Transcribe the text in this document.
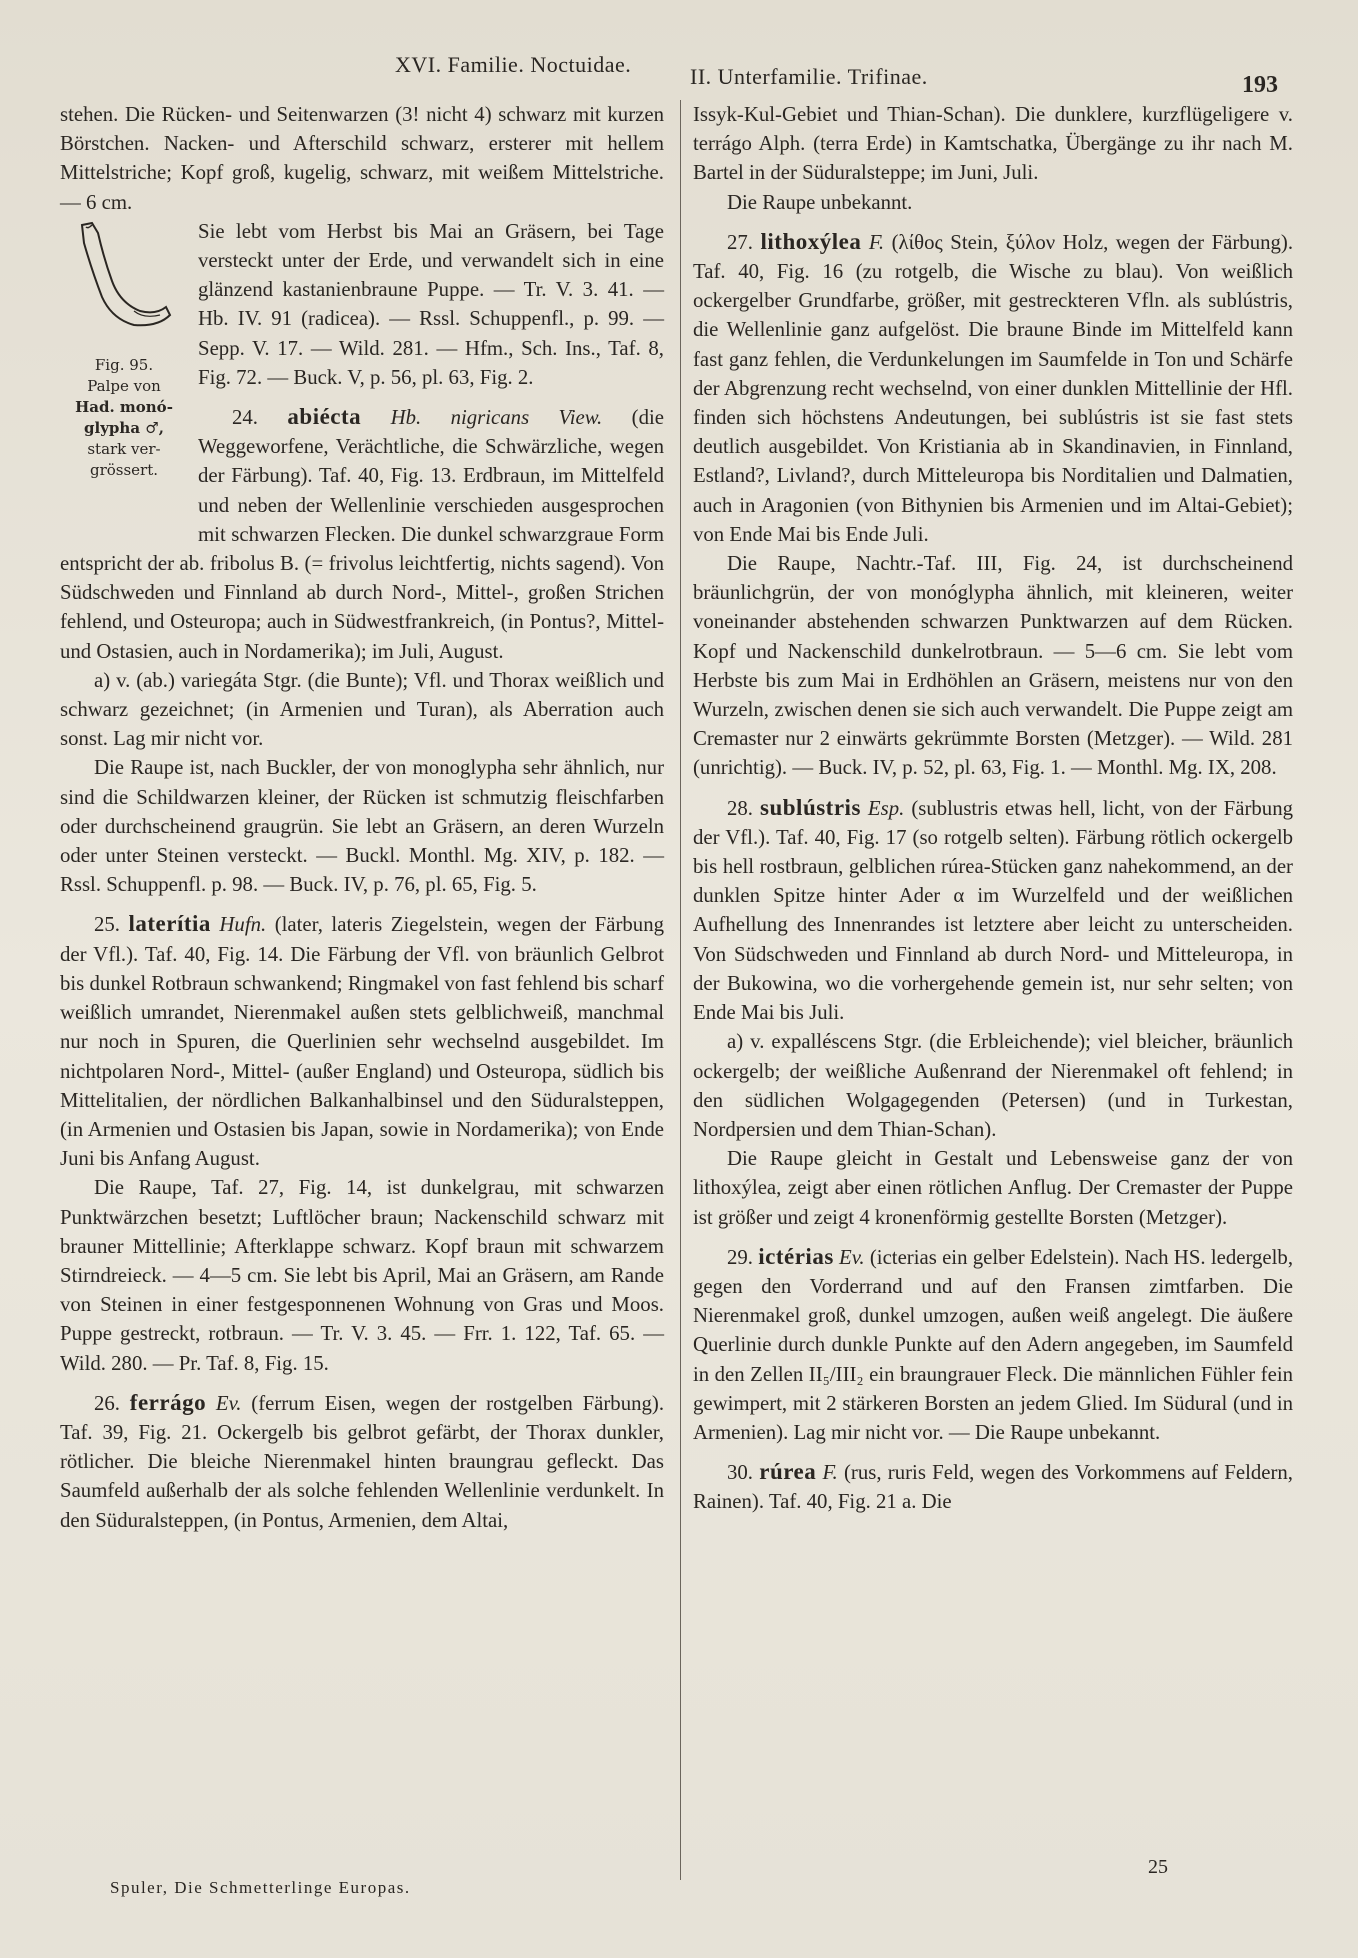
XVI. Familie. Noctuidae.	II. Unterfamilie. Trifinae.	193

stehen. Die Rücken- und Seitenwarzen (3! nicht 4) schwarz mit kurzen Börstchen. Nacken- und Afterschild schwarz, ersterer mit hellem Mittelstriche; Kopf groß, kugelig, schwarz, mit weißem Mittelstriche. — 6 cm.

Fig. 95.
Palpe von
Had. monó-
glypha ♂,
stark ver-
grössert.

Sie lebt vom Herbst bis Mai an Gräsern, bei Tage versteckt unter der Erde, und verwandelt sich in eine glänzend kastanienbraune Puppe. — Tr. V. 3. 41. — Hb. IV. 91 (radicea). — Rssl. Schuppenfl., p. 99. — Sepp. V. 17. — Wild. 281. — Hfm., Sch. Ins., Taf. 8, Fig. 72. — Buck. V, p. 56, pl. 63, Fig. 2.

24. abiécta Hb. nigricans View. (die Weggeworfene, Verächtliche, die Schwärzliche, wegen der Färbung). Taf. 40, Fig. 13. Erdbraun, im Mittelfeld und neben der Wellenlinie verschieden ausgesprochen mit schwarzen Flecken. Die dunkel schwarzgraue Form entspricht der ab. fribolus B. (= frivolus leichtfertig, nichts sagend). Von Südschweden und Finnland ab durch Nord-, Mittel-, großen Strichen fehlend, und Osteuropa; auch in Südwestfrankreich, (in Pontus?, Mittel- und Ostasien, auch in Nordamerika); im Juli, August.

a) v. (ab.) variegáta Stgr. (die Bunte); Vfl. und Thorax weißlich und schwarz gezeichnet; (in Armenien und Turan), als Aberration auch sonst. Lag mir nicht vor.

Die Raupe ist, nach Buckler, der von monoglypha sehr ähnlich, nur sind die Schildwarzen kleiner, der Rücken ist schmutzig fleischfarben oder durchscheinend graugrün. Sie lebt an Gräsern, an deren Wurzeln oder unter Steinen versteckt. — Buckl. Monthl. Mg. XIV, p. 182. — Rssl. Schuppenfl. p. 98. — Buck. IV, p. 76, pl. 65, Fig. 5.

25. laterítia Hufn. (later, lateris Ziegelstein, wegen der Färbung der Vfl.). Taf. 40, Fig. 14. Die Färbung der Vfl. von bräunlich Gelbrot bis dunkel Rotbraun schwankend; Ringmakel von fast fehlend bis scharf weißlich umrandet, Nierenmakel außen stets gelblichweiß, manchmal nur noch in Spuren, die Querlinien sehr wechselnd ausgebildet. Im nichtpolaren Nord-, Mittel- (außer England) und Osteuropa, südlich bis Mittelitalien, der nördlichen Balkanhalbinsel und den Süduralsteppen, (in Armenien und Ostasien bis Japan, sowie in Nordamerika); von Ende Juni bis Anfang August.

Die Raupe, Taf. 27, Fig. 14, ist dunkelgrau, mit schwarzen Punktwärzchen besetzt; Luftlöcher braun; Nackenschild schwarz mit brauner Mittellinie; Afterklappe schwarz. Kopf braun mit schwarzem Stirndreieck. — 4—5 cm. Sie lebt bis April, Mai an Gräsern, am Rande von Steinen in einer festgesponnenen Wohnung von Gras und Moos. Puppe gestreckt, rotbraun. — Tr. V. 3. 45. — Frr. 1. 122, Taf. 65. — Wild. 280. — Pr. Taf. 8, Fig. 15.

26. ferrágo Ev. (ferrum Eisen, wegen der rostgelben Färbung). Taf. 39, Fig. 21. Ockergelb bis gelbrot gefärbt, der Thorax dunkler, rötlicher. Die bleiche Nierenmakel hinten braungrau gefleckt. Das Saumfeld außerhalb der als solche fehlenden Wellenlinie verdunkelt. In den Süduralsteppen, (in Pontus, Armenien, dem Altai,

Issyk-Kul-Gebiet und Thian-Schan). Die dunklere, kurzflügeligere v. terrágo Alph. (terra Erde) in Kamtschatka, Übergänge zu ihr nach M. Bartel in der Süduralsteppe; im Juni, Juli.

Die Raupe unbekannt.

27. lithoxýlea F. (λίθος Stein, ξύλον Holz, wegen der Färbung). Taf. 40, Fig. 16 (zu rotgelb, die Wische zu blau). Von weißlich ockergelber Grundfarbe, größer, mit gestreckteren Vfln. als sublústris, die Wellenlinie ganz aufgelöst. Die braune Binde im Mittelfeld kann fast ganz fehlen, die Verdunkelungen im Saumfelde in Ton und Schärfe der Abgrenzung recht wechselnd, von einer dunklen Mittellinie der Hfl. finden sich höchstens Andeutungen, bei sublústris ist sie fast stets deutlich ausgebildet. Von Kristiania ab in Skandinavien, in Finnland, Estland?, Livland?, durch Mitteleuropa bis Norditalien und Dalmatien, auch in Aragonien (von Bithynien bis Armenien und im Altai-Gebiet); von Ende Mai bis Ende Juli.

Die Raupe, Nachtr.-Taf. III, Fig. 24, ist durchscheinend bräunlichgrün, der von monóglypha ähnlich, mit kleineren, weiter voneinander abstehenden schwarzen Punktwarzen auf dem Rücken. Kopf und Nackenschild dunkelrotbraun. — 5—6 cm. Sie lebt vom Herbste bis zum Mai in Erdhöhlen an Gräsern, meistens nur von den Wurzeln, zwischen denen sie sich auch verwandelt. Die Puppe zeigt am Cremaster nur 2 einwärts gekrümmte Borsten (Metzger). — Wild. 281 (unrichtig). — Buck. IV, p. 52, pl. 63, Fig. 1. — Monthl. Mg. IX, 208.

28. sublústris Esp. (sublustris etwas hell, licht, von der Färbung der Vfl.). Taf. 40, Fig. 17 (so rotgelb selten). Färbung rötlich ockergelb bis hell rostbraun, gelblichen rúrea-Stücken ganz nahekommend, an der dunklen Spitze hinter Ader α im Wurzelfeld und der weißlichen Aufhellung des Innenrandes ist letztere aber leicht zu unterscheiden. Von Südschweden und Finnland ab durch Nord- und Mitteleuropa, in der Bukowina, wo die vorhergehende gemein ist, nur sehr selten; von Ende Mai bis Juli.

a) v. expalléscens Stgr. (die Erbleichende); viel bleicher, bräunlich ockergelb; der weißliche Außenrand der Nierenmakel oft fehlend; in den südlichen Wolgagegenden (Petersen) (und in Turkestan, Nordpersien und dem Thian-Schan).

Die Raupe gleicht in Gestalt und Lebensweise ganz der von lithoxýlea, zeigt aber einen rötlichen Anflug. Der Cremaster der Puppe ist größer und zeigt 4 kronenförmig gestellte Borsten (Metzger).

29. ictérias Ev. (icterias ein gelber Edelstein). Nach HS. ledergelb, gegen den Vorderrand und auf den Fransen zimtfarben. Die Nierenmakel groß, dunkel umzogen, außen weiß angelegt. Die äußere Querlinie durch dunkle Punkte auf den Adern angegeben, im Saumfeld in den Zellen II₅/III₂ ein braungrauer Fleck. Die männlichen Fühler fein gewimpert, mit 2 stärkeren Borsten an jedem Glied. Im Südural (und in Armenien). Lag mir nicht vor. — Die Raupe unbekannt.

30. rúrea F. (rus, ruris Feld, wegen des Vorkommens auf Feldern, Rainen). Taf. 40, Fig. 21 a. Die

Spuler, Die Schmetterlinge Europas.
25
